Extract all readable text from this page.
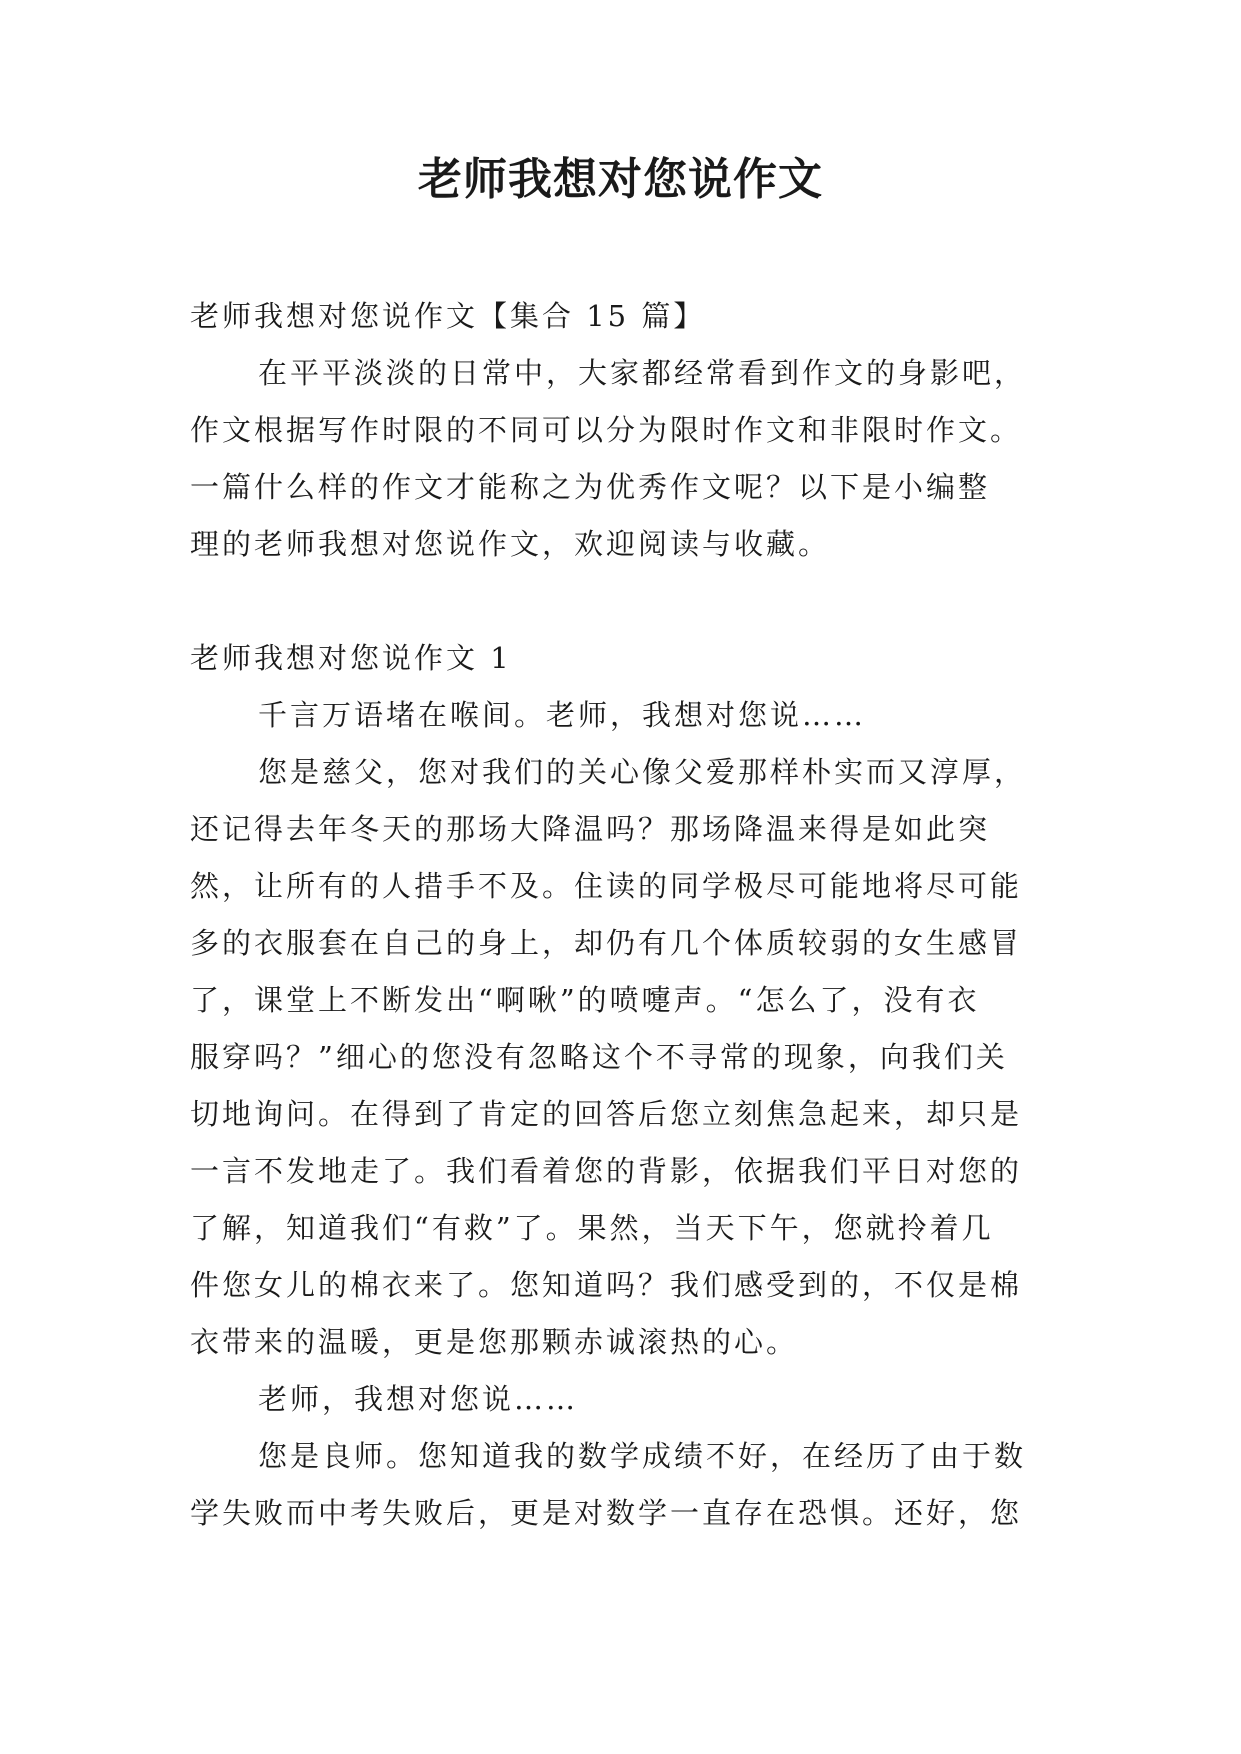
老师我想对您说作文

老师我想对您说作文【集合 15 篇】

在平平淡淡的日常中，大家都经常看到作文的身影吧，

作文根据写作时限的不同可以分为限时作文和非限时作文。

一篇什么样的作文才能称之为优秀作文呢？以下是小编整

理的老师我想对您说作文，欢迎阅读与收藏。

老师我想对您说作文 1

千言万语堵在喉间。老师，我想对您说……

您是慈父，您对我们的关心像父爱那样朴实而又淳厚，

还记得去年冬天的那场大降温吗？那场降温来得是如此突

然，让所有的人措手不及。住读的同学极尽可能地将尽可能

多的衣服套在自己的身上，却仍有几个体质较弱的女生感冒

了，课堂上不断发出“啊啾”的喷嚏声。“怎么了，没有衣

服穿吗？”细心的您没有忽略这个不寻常的现象，向我们关

切地询问。在得到了肯定的回答后您立刻焦急起来，却只是

一言不发地走了。我们看着您的背影，依据我们平日对您的

了解，知道我们“有救”了。果然，当天下午，您就拎着几

件您女儿的棉衣来了。您知道吗？我们感受到的，不仅是棉

衣带来的温暖，更是您那颗赤诚滚热的心。

老师，我想对您说……

您是良师。您知道我的数学成绩不好，在经历了由于数

学失败而中考失败后，更是对数学一直存在恐惧。还好，您
